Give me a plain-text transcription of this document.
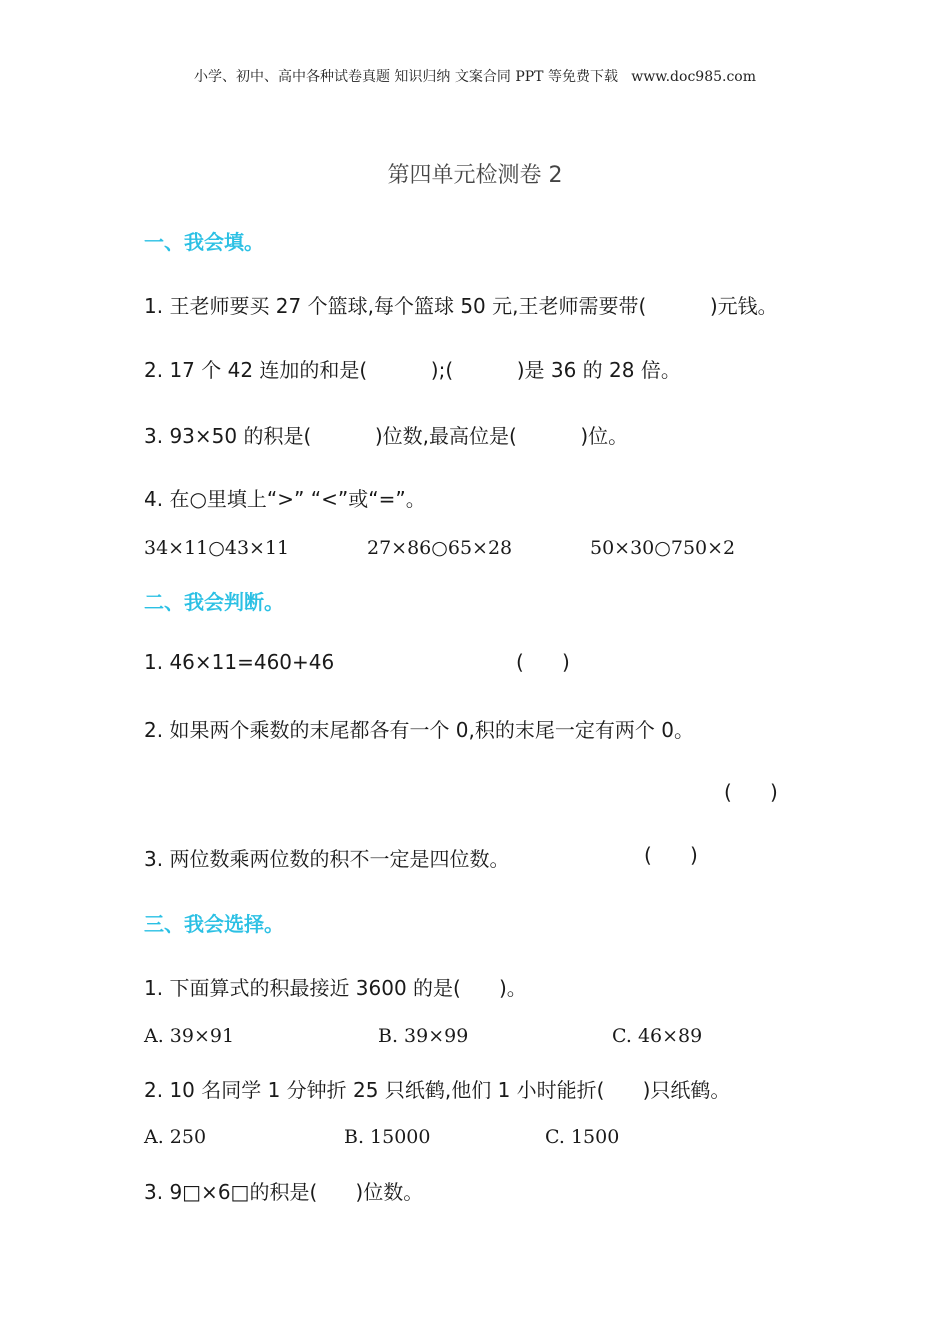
小学、初中、高中各种试卷真题 知识归纳 文案合同 PPT 等免费下载   www.doc985.com
第四单元检测卷 2
一、我会填。
1. 王老师要买 27 个篮球,每个篮球 50 元,王老师需要带(          )元钱。
2. 17 个 42 连加的和是(          );(          )是 36 的 28 倍。
3. 93×50 的积是(          )位数,最高位是(          )位。
4. 在○里填上“>” “<”或“=”。
34×11○43×11	27×86○65×28	50×30○750×2
二、我会判断。
1. 46×11=460+46	(      )
2. 如果两个乘数的末尾都各有一个 0,积的末尾一定有两个 0。
(      )
3. 两位数乘两位数的积不一定是四位数。	(      )
三、我会选择。
1. 下面算式的积最接近 3600 的是(      )。
A. 39×91	B. 39×99	C. 46×89
2. 10 名同学 1 分钟折 25 只纸鹤,他们 1 小时能折(      )只纸鹤。
A. 250	B. 15000	C. 1500
3. 9□×6□的积是(      )位数。
